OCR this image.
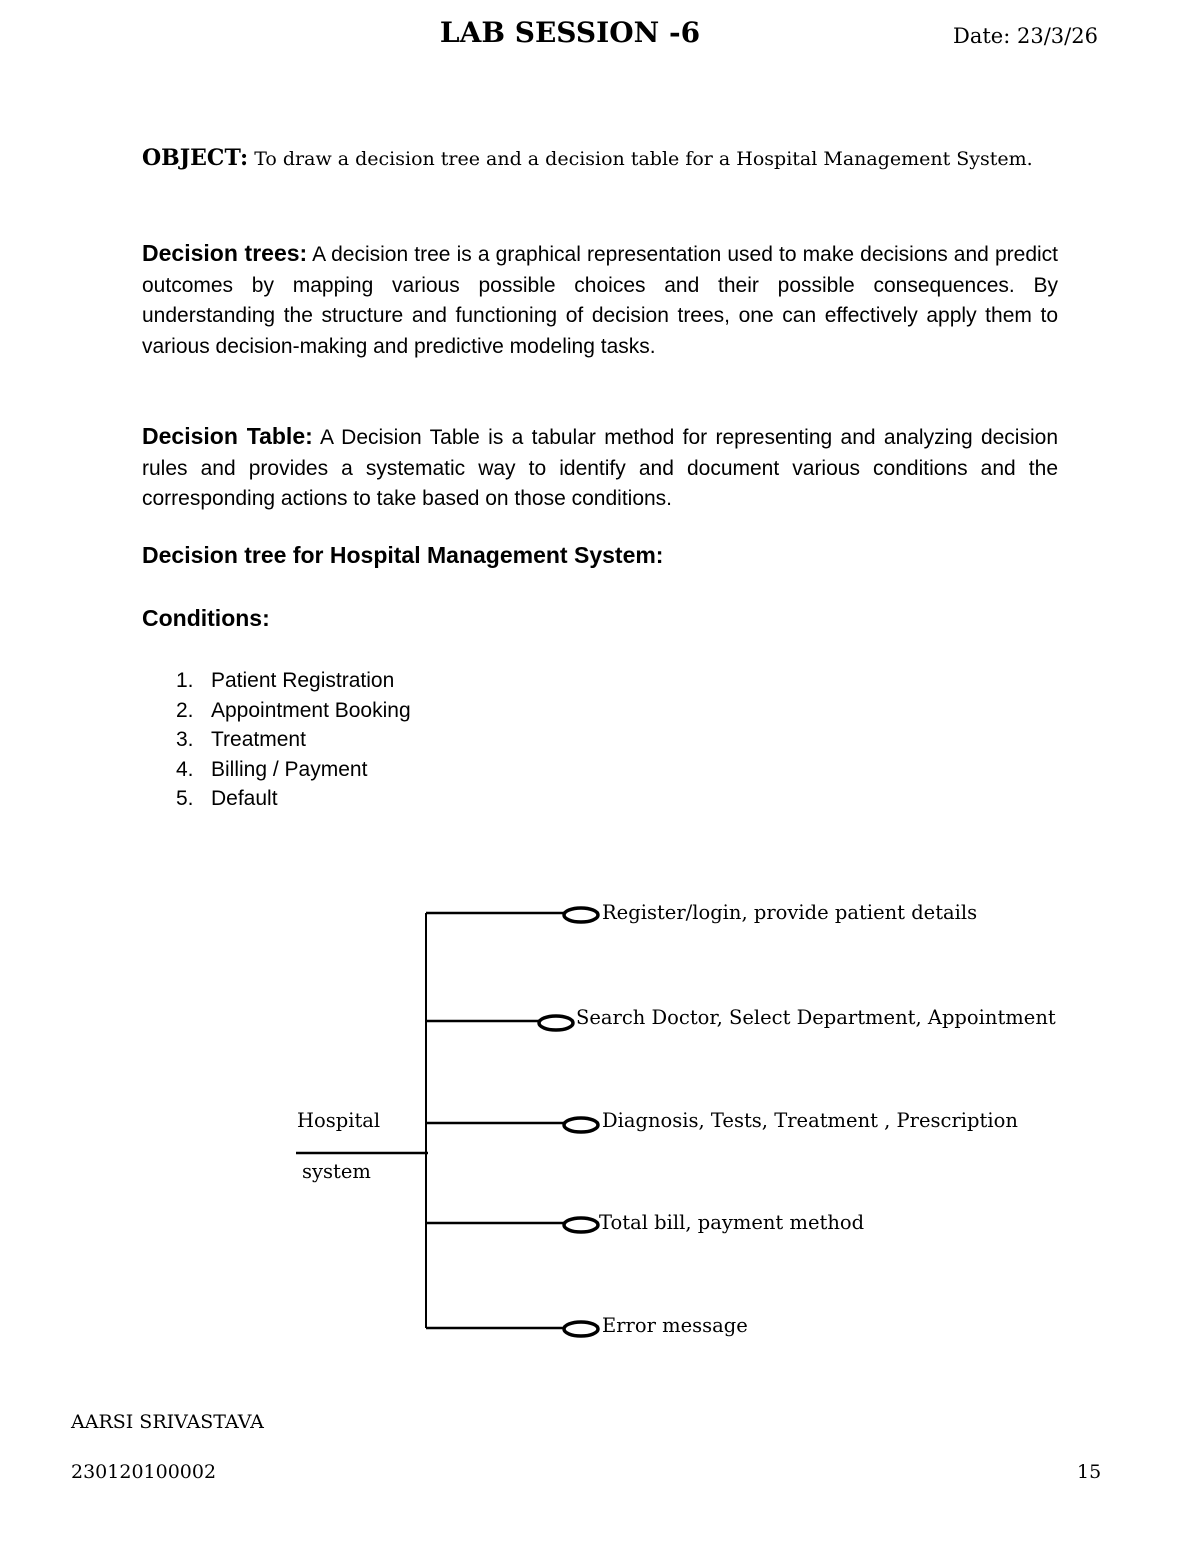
LAB SESSION -6	Date: 23/3/26
OBJECT: To draw a decision tree and a decision table for a Hospital Management System.
Decision trees: A decision tree is a graphical representation used to make decisions and predict outcomes by mapping various possible choices and their possible consequences. By understanding the structure and functioning of decision trees, one can effectively apply them to various decision-making and predictive modeling tasks.
Decision Table: A Decision Table is a tabular method for representing and analyzing decision rules and provides a systematic way to identify and document various conditions and the corresponding actions to take based on those conditions.
Decision tree for Hospital Management System:
Conditions:
1. Patient Registration
2. Appointment Booking
3. Treatment
4. Billing / Payment
5. Default
Hospital
system
Register/login, provide patient details
Search Doctor, Select Department, Appointment
Diagnosis, Tests, Treatment , Prescription
Total bill, payment method
Error message
AARSI SRIVASTAVA
230120100002	15
